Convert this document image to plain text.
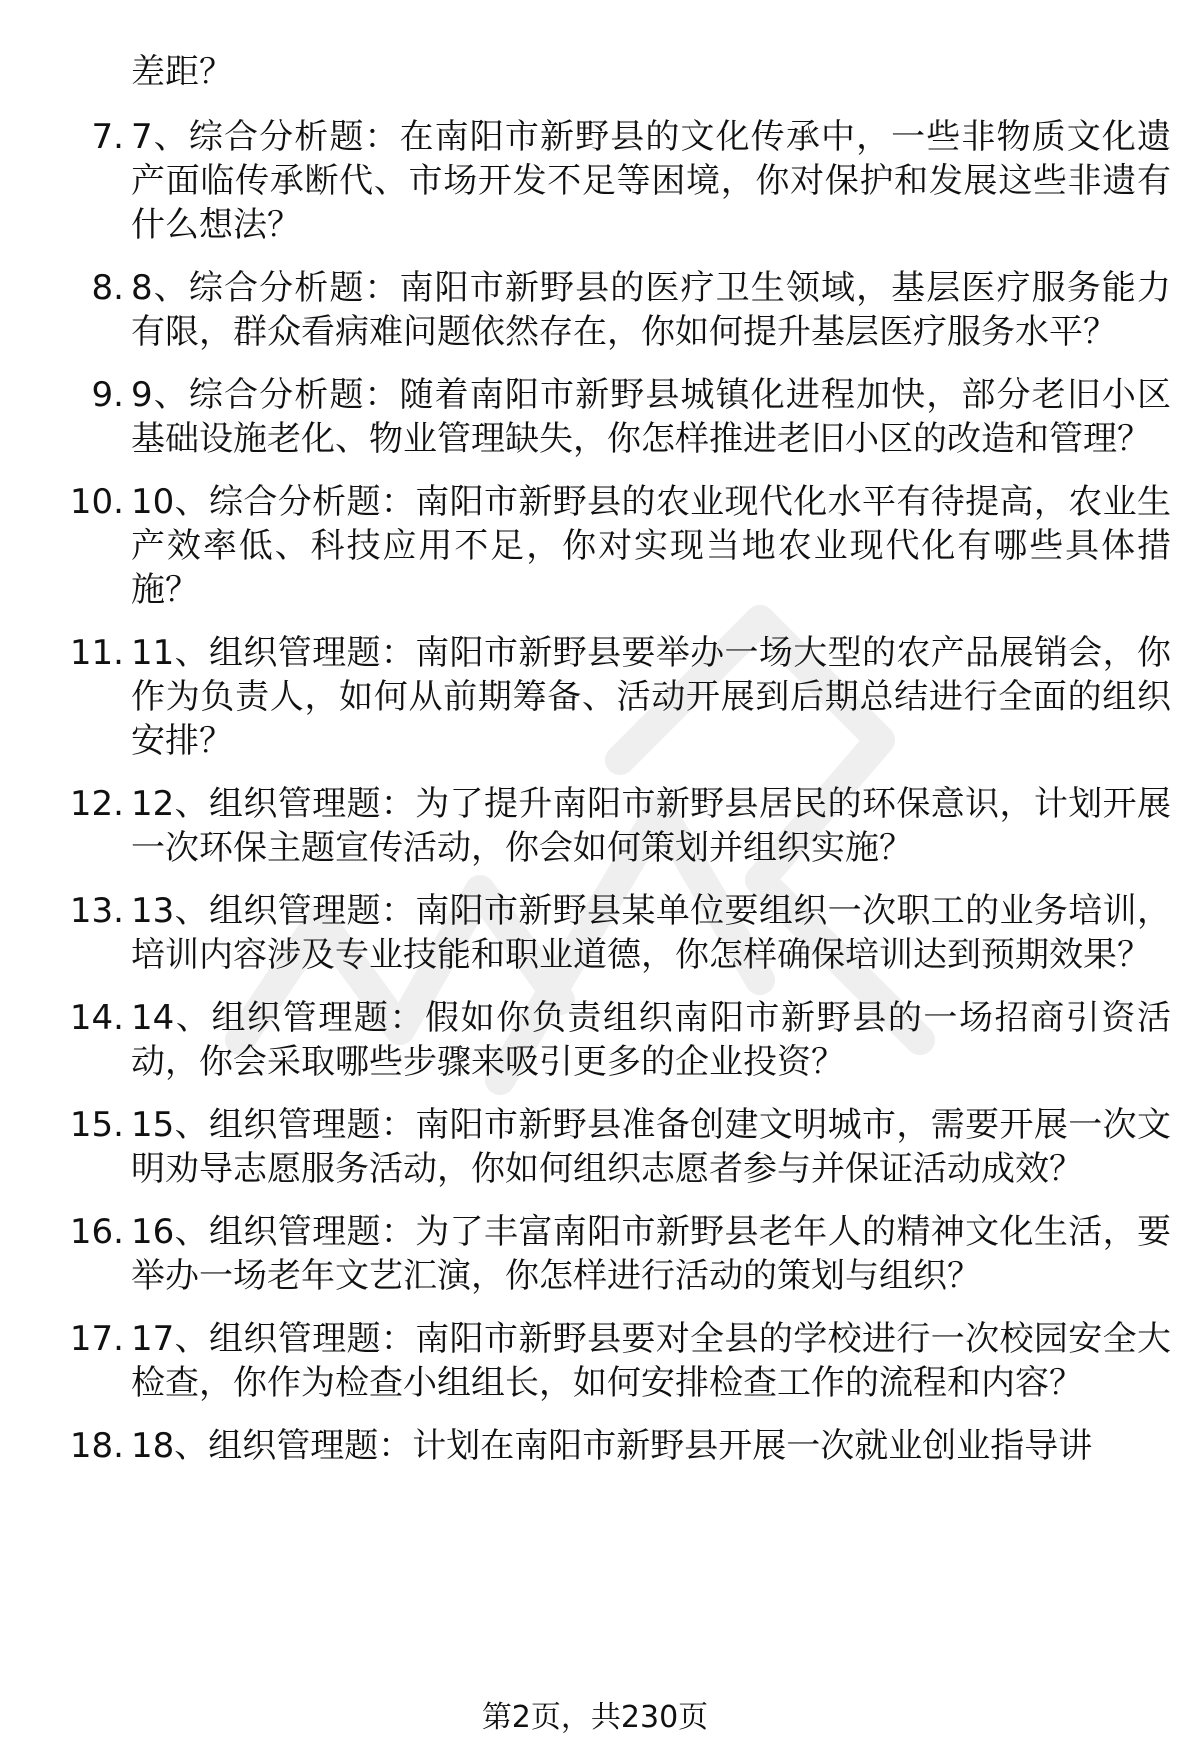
差距？

7. 7、综合分析题：在南阳市新野县的文化传承中，一些非物质文化遗产面临传承断代、市场开发不足等困境，你对保护和发展这些非遗有什么想法？
8. 8、综合分析题：南阳市新野县的医疗卫生领域，基层医疗服务能力有限，群众看病难问题依然存在，你如何提升基层医疗服务水平？
9. 9、综合分析题：随着南阳市新野县城镇化进程加快，部分老旧小区基础设施老化、物业管理缺失，你怎样推进老旧小区的改造和管理？
10. 10、综合分析题：南阳市新野县的农业现代化水平有待提高，农业生产效率低、科技应用不足，你对实现当地农业现代化有哪些具体措施？
11. 11、组织管理题：南阳市新野县要举办一场大型的农产品展销会，你作为负责人，如何从前期筹备、活动开展到后期总结进行全面的组织安排？
12. 12、组织管理题：为了提升南阳市新野县居民的环保意识，计划开展一次环保主题宣传活动，你会如何策划并组织实施？
13. 13、组织管理题：南阳市新野县某单位要组织一次职工的业务培训，培训内容涉及专业技能和职业道德，你怎样确保培训达到预期效果？
14. 14、组织管理题：假如你负责组织南阳市新野县的一场招商引资活动，你会采取哪些步骤来吸引更多的企业投资？
15. 15、组织管理题：南阳市新野县准备创建文明城市，需要开展一次文明劝导志愿服务活动，你如何组织志愿者参与并保证活动成效？
16. 16、组织管理题：为了丰富南阳市新野县老年人的精神文化生活，要举办一场老年文艺汇演，你怎样进行活动的策划与组织？
17. 17、组织管理题：南阳市新野县要对全县的学校进行一次校园安全大检查，你作为检查小组组长，如何安排检查工作的流程和内容？
18. 18、组织管理题：计划在南阳市新野县开展一次就业创业指导讲
第2页，共230页
